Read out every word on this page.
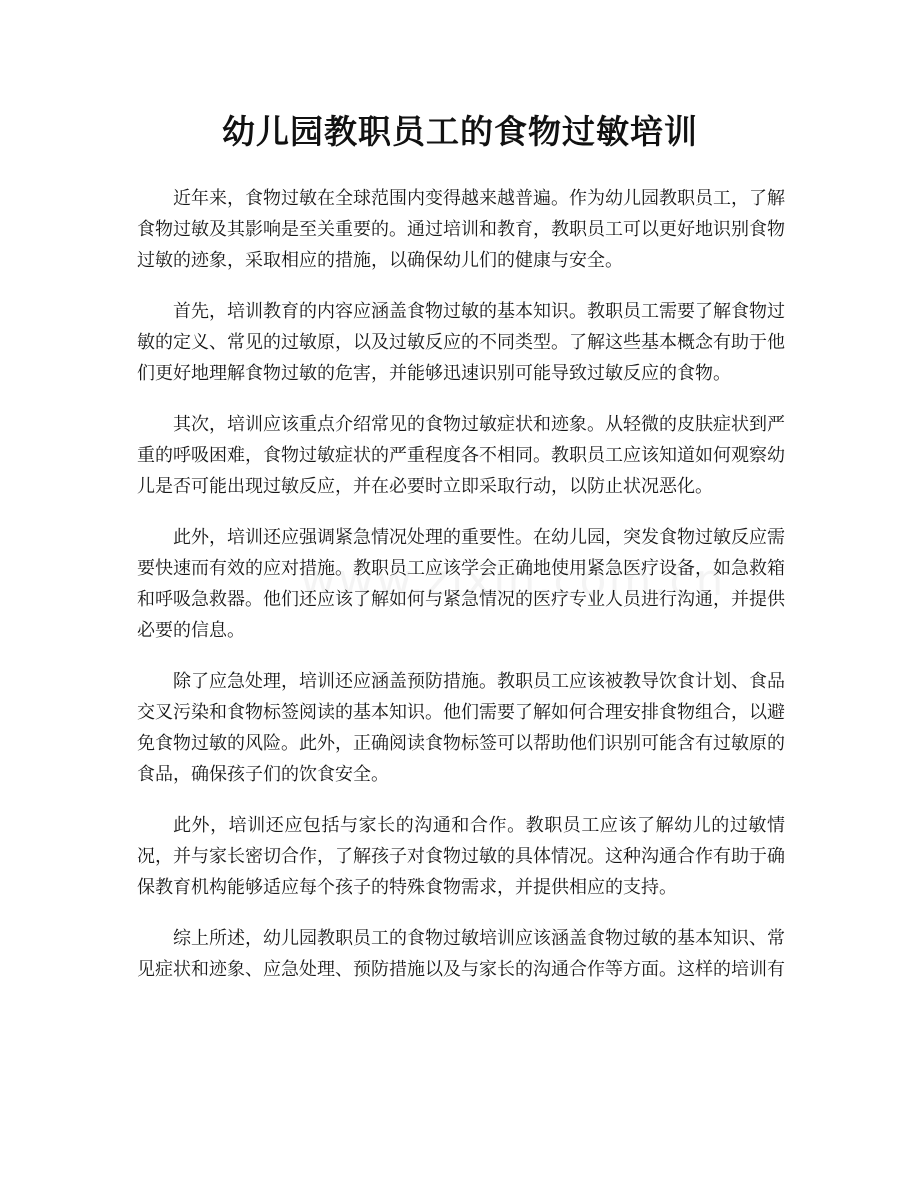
幼儿园教职员工的食物过敏培训

近年来，食物过敏在全球范围内变得越来越普遍。作为幼儿园教职员工，了解食物过敏及其影响是至关重要的。通过培训和教育，教职员工可以更好地识别食物过敏的迹象，采取相应的措施，以确保幼儿们的健康与安全。

首先，培训教育的内容应涵盖食物过敏的基本知识。教职员工需要了解食物过敏的定义、常见的过敏原，以及过敏反应的不同类型。了解这些基本概念有助于他们更好地理解食物过敏的危害，并能够迅速识别可能导致过敏反应的食物。

其次，培训应该重点介绍常见的食物过敏症状和迹象。从轻微的皮肤症状到严重的呼吸困难，食物过敏症状的严重程度各不相同。教职员工应该知道如何观察幼儿是否可能出现过敏反应，并在必要时立即采取行动，以防止状况恶化。

此外，培训还应强调紧急情况处理的重要性。在幼儿园，突发食物过敏反应需要快速而有效的应对措施。教职员工应该学会正确地使用紧急医疗设备，如急救箱和呼吸急救器。他们还应该了解如何与紧急情况的医疗专业人员进行沟通，并提供必要的信息。

除了应急处理，培训还应涵盖预防措施。教职员工应该被教导饮食计划、食品交叉污染和食物标签阅读的基本知识。他们需要了解如何合理安排食物组合，以避免食物过敏的风险。此外，正确阅读食物标签可以帮助他们识别可能含有过敏原的食品，确保孩子们的饮食安全。

此外，培训还应包括与家长的沟通和合作。教职员工应该了解幼儿的过敏情况，并与家长密切合作，了解孩子对食物过敏的具体情况。这种沟通合作有助于确保教育机构能够适应每个孩子的特殊食物需求，并提供相应的支持。

综上所述，幼儿园教职员工的食物过敏培训应该涵盖食物过敏的基本知识、常见症状和迹象、应急处理、预防措施以及与家长的沟通合作等方面。这样的培训有
